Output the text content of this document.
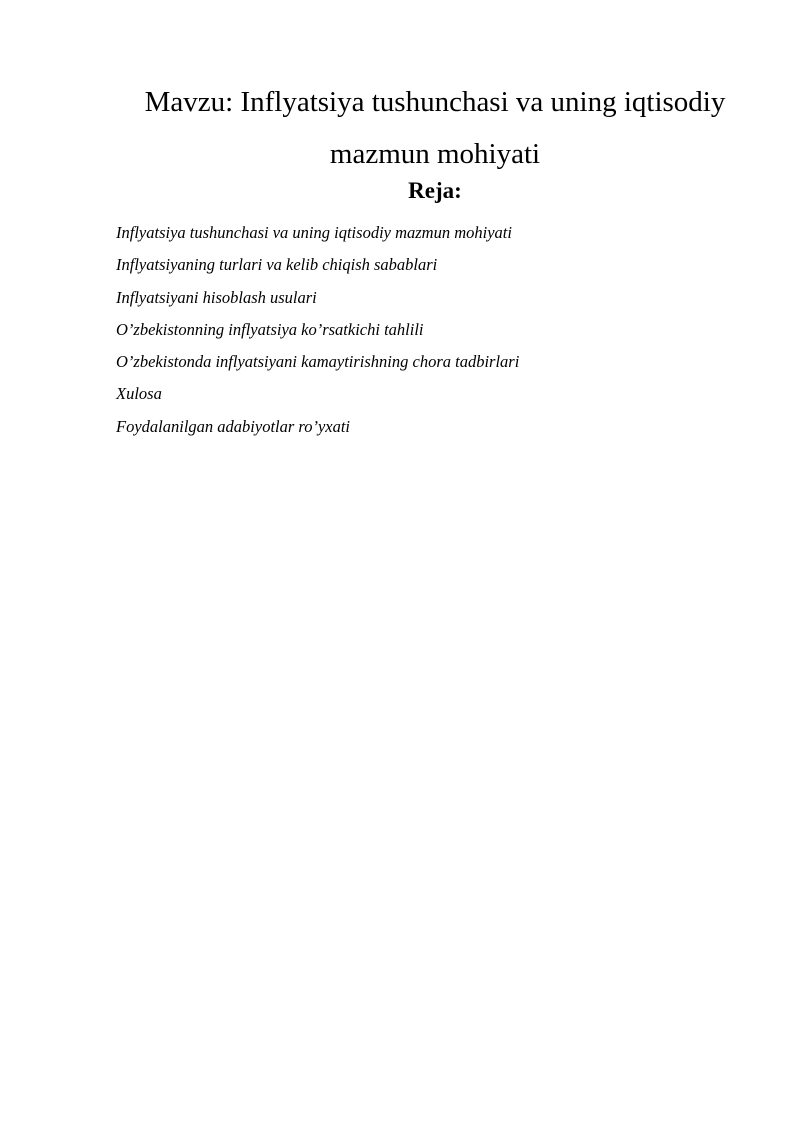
Mavzu: Inflyatsiya tushunchasi va uning iqtisodiy
mazmun mohiyati
Reja:
Inflyatsiya tushunchasi va uning iqtisodiy mazmun mohiyati
Inflyatsiyaning turlari va kelib chiqish sabablari
Inflyatsiyani hisoblash usulari
O’zbekistonning inflyatsiya ko’rsatkichi tahlili
O’zbekistonda inflyatsiyani kamaytirishning chora tadbirlari
Xulosa
Foydalanilgan adabiyotlar ro’yxati
